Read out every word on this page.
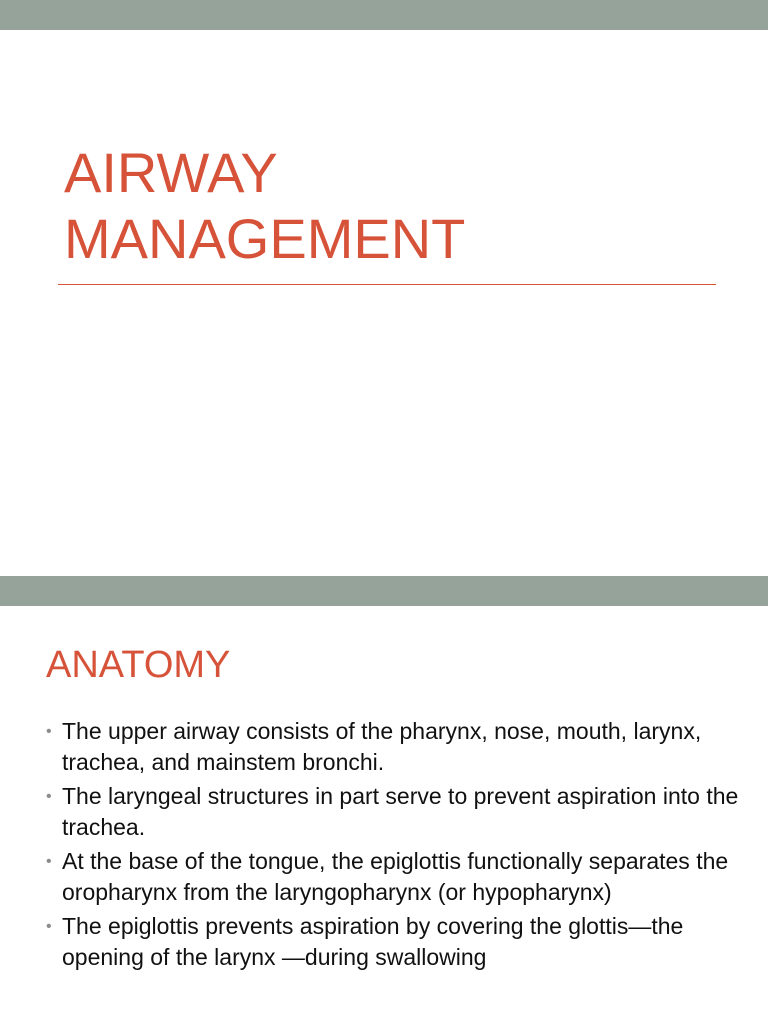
AIRWAY
MANAGEMENT
ANATOMY
• The upper airway consists of the pharynx, nose, mouth, larynx, trachea, and mainstem bronchi.
• The laryngeal structures in part serve to prevent aspiration into the trachea.
• At the base of the tongue, the epiglottis functionally separates the oropharynx from the laryngopharynx (or hypopharynx)
• The epiglottis prevents aspiration by covering the glottis—the opening of the larynx —during swallowing
